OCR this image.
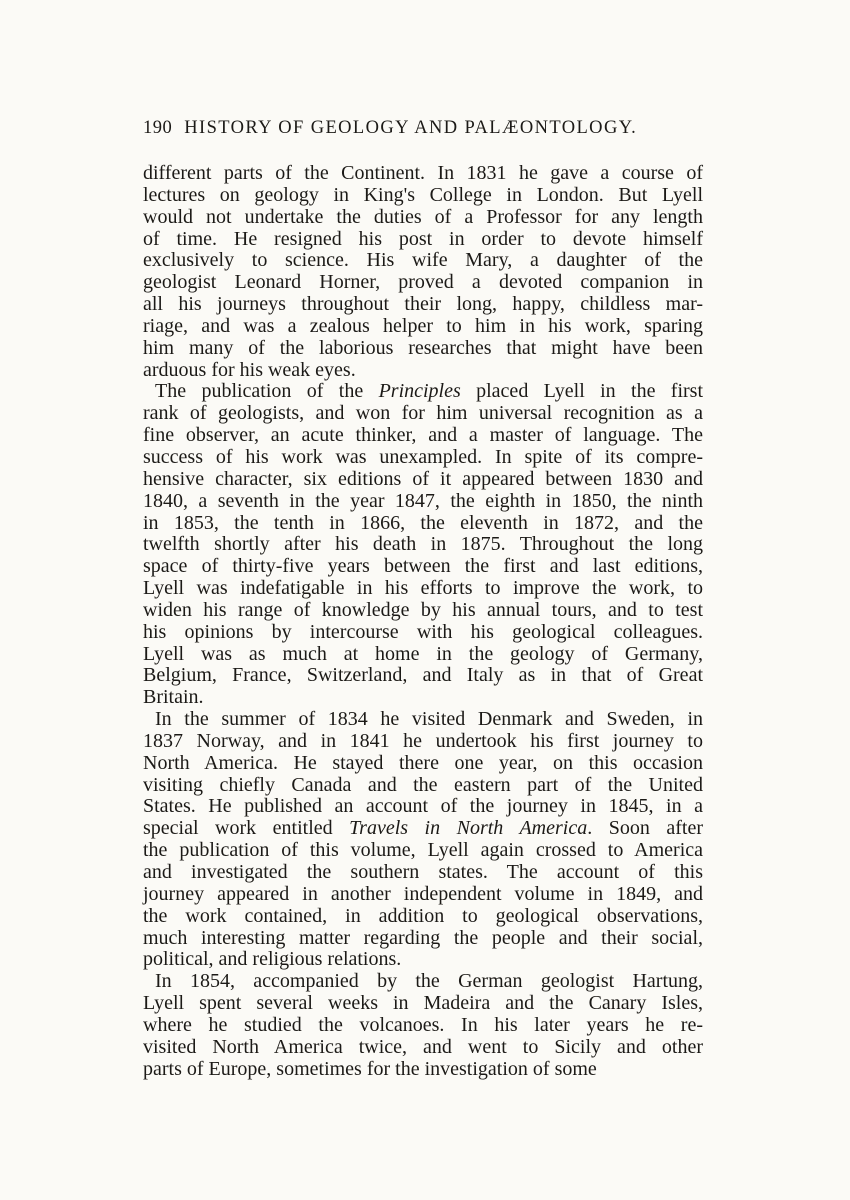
190 HISTORY OF GEOLOGY AND PALÆONTOLOGY.
different parts of the Continent. In 1831 he gave a course of
lectures on geology in King's College in London. But Lyell
would not undertake the duties of a Professor for any length
of time. He resigned his post in order to devote himself
exclusively to science. His wife Mary, a daughter of the
geologist Leonard Horner, proved a devoted companion in
all his journeys throughout their long, happy, childless mar-
riage, and was a zealous helper to him in his work, sparing
him many of the laborious researches that might have been
arduous for his weak eyes.
The publication of the Principles placed Lyell in the first
rank of geologists, and won for him universal recognition as a
fine observer, an acute thinker, and a master of language. The
success of his work was unexampled. In spite of its compre-
hensive character, six editions of it appeared between 1830 and
1840, a seventh in the year 1847, the eighth in 1850, the ninth
in 1853, the tenth in 1866, the eleventh in 1872, and the
twelfth shortly after his death in 1875. Throughout the long
space of thirty-five years between the first and last editions,
Lyell was indefatigable in his efforts to improve the work, to
widen his range of knowledge by his annual tours, and to test
his opinions by intercourse with his geological colleagues.
Lyell was as much at home in the geology of Germany,
Belgium, France, Switzerland, and Italy as in that of Great
Britain.
In the summer of 1834 he visited Denmark and Sweden, in
1837 Norway, and in 1841 he undertook his first journey to
North America. He stayed there one year, on this occasion
visiting chiefly Canada and the eastern part of the United
States. He published an account of the journey in 1845, in a
special work entitled Travels in North America. Soon after
the publication of this volume, Lyell again crossed to America
and investigated the southern states. The account of this
journey appeared in another independent volume in 1849, and
the work contained, in addition to geological observations,
much interesting matter regarding the people and their social,
political, and religious relations.
In 1854, accompanied by the German geologist Hartung,
Lyell spent several weeks in Madeira and the Canary Isles,
where he studied the volcanoes. In his later years he re-
visited North America twice, and went to Sicily and other
parts of Europe, sometimes for the investigation of some
